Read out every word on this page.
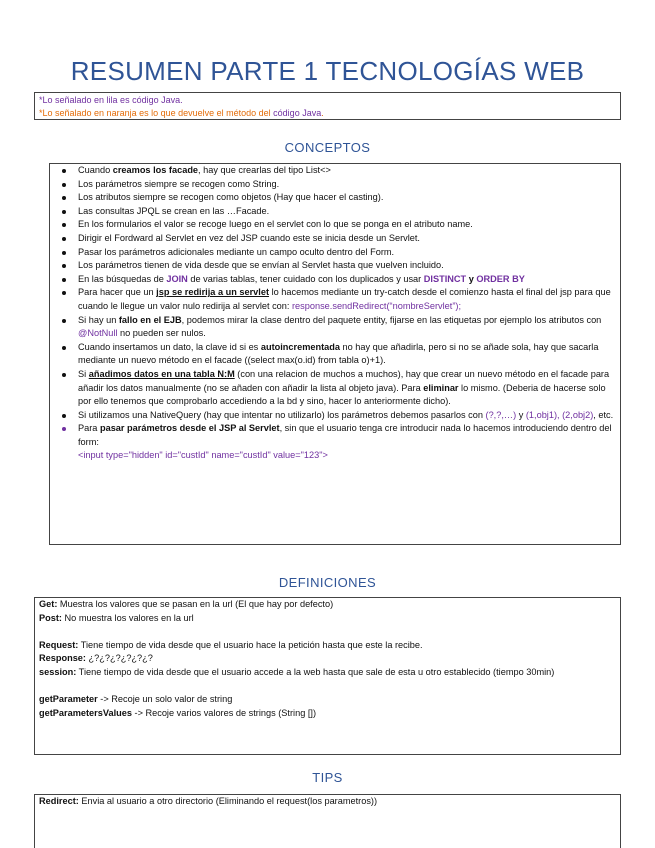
RESUMEN PARTE 1 TECNOLOGÍAS WEB
*Lo señalado en lila es código Java.
*Lo señalado en naranja es lo que devuelve el método del código Java.
CONCEPTOS
Cuando creamos los facade, hay que crearlas del tipo List<>
Los parámetros siempre se recogen como String.
Los atributos siempre se recogen como objetos (Hay que hacer el casting).
Las consultas JPQL se crean en las …Facade.
En los formularios el valor se recoge luego en el servlet con lo que se ponga en el atributo name.
Dirigir el Fordward al Servlet en vez del JSP cuando este se inicia desde un Servlet.
Pasar los parámetros adicionales mediante un campo oculto dentro del Form.
Los parámetros tienen de vida desde que se envían al Servlet hasta que vuelven incluido.
En las búsquedas de JOIN de varias tablas, tener cuidado con los duplicados y usar DISTINCT y ORDER BY
Para hacer que un jsp se redirija a un servlet lo hacemos mediante un try-catch desde el comienzo hasta el final del jsp para que cuando le llegue un valor nulo redirija al servlet con: response.sendRedirect(“nombreServlet”);
Si hay un fallo en el EJB, podemos mirar la clase dentro del paquete entity, fijarse en las etiquetas por ejemplo los atributos con @NotNull no pueden ser nulos.
Cuando insertamos un dato, la clave id si es autoincrementada no hay que añadirla, pero si no se añade sola, hay que sacarla mediante un nuevo método en el facade ((select max(o.id) from tabla o)+1).
Si añadimos datos en una tabla N:M (con una relacion de muchos a muchos), hay que crear un nuevo método en el facade para añadir los datos manualmente (no se añaden con añadir la lista al objeto java). Para eliminar lo mismo. (Deberia de hacerse solo por ello tenemos que comprobarlo accediendo a la bd y sino, hacer lo anteriormente dicho).
Si utilizamos una NativeQuery (hay que intentar no utilizarlo) los parámetros debemos pasarlos con (?,?,…) y (1,obj1), (2,obj2), etc.
Para pasar parámetros desde el JSP al Servlet, sin que el usuario tenga cre introducir nada lo hacemos introduciendo dentro del form:
<input type="hidden" id="custId" name="custId" value="123">
DEFINICIONES

Get: Muestra los valores que se pasan en la url (El que hay por defecto)

Post: No muestra los valores en la url

Request: Tiene tiempo de vida desde que el usuario hace la petición hasta que este la recibe.

Response: ¿?¿?¿?¿?¿?¿?

session: Tiene tiempo de vida desde que el usuario accede a la web hasta que sale de esta u otro establecido (tiempo 30min)

getParameter -> Recoje un solo valor de string

getParametersValues -> Recoje varios valores de strings (String [])

TIPS

Redirect: Envia al usuario a otro directorio (Eliminando el request(los parametros))
